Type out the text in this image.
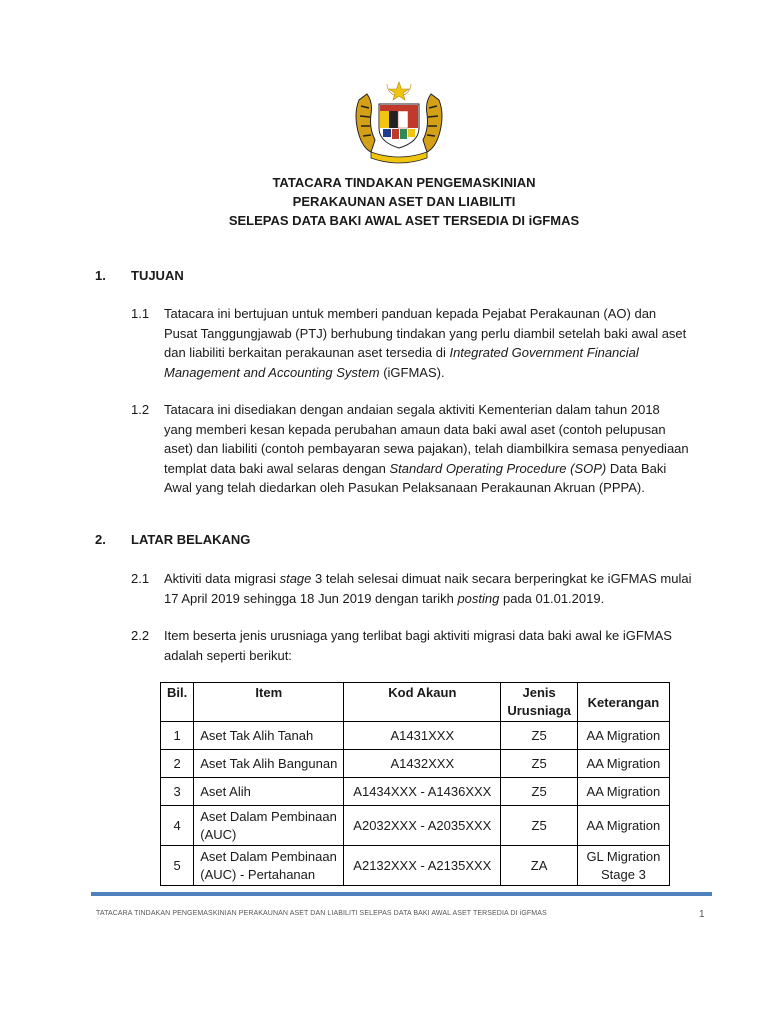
TATACARA TINDAKAN PENGEMASKINIAN
PERAKAUNAN ASET DAN LIABILITI
SELEPAS DATA BAKI AWAL ASET TERSEDIA DI iGFMAS
1. TUJUAN
1.1 Tatacara ini bertujuan untuk memberi panduan kepada Pejabat Perakaunan (AO) dan
Pusat Tanggungjawab (PTJ) berhubung tindakan yang perlu diambil setelah baki awal aset
dan liabiliti berkaitan perakaunan aset tersedia di Integrated Government Financial
Management and Accounting System (iGFMAS).
1.2 Tatacara ini disediakan dengan andaian segala aktiviti Kementerian dalam tahun 2018
yang memberi kesan kepada perubahan amaun data baki awal aset (contoh pelupusan
aset) dan liabiliti (contoh pembayaran sewa pajakan), telah diambilkira semasa penyediaan
templat data baki awal selaras dengan Standard Operating Procedure (SOP) Data Baki
Awal yang telah diedarkan oleh Pasukan Pelaksanaan Perakaunan Akruan (PPPA).
2. LATAR BELAKANG
2.1 Aktiviti data migrasi stage 3 telah selesai dimuat naik secara berperingkat ke iGFMAS mulai
17 April 2019 sehingga 18 Jun 2019 dengan tarikh posting pada 01.01.2019.
2.2 Item beserta jenis urusniaga yang terlibat bagi aktiviti migrasi data baki awal ke iGFMAS
adalah seperti berikut:
Bil.	Item	Kod Akaun	Jenis Urusniaga	Keterangan
1	Aset Tak Alih Tanah	A1431XXX	Z5	AA Migration
2	Aset Tak Alih Bangunan	A1432XXX	Z5	AA Migration
3	Aset Alih	A1434XXX - A1436XXX	Z5	AA Migration
4	Aset Dalam Pembinaan (AUC)	A2032XXX - A2035XXX	Z5	AA Migration
5	Aset Dalam Pembinaan (AUC) - Pertahanan	A2132XXX - A2135XXX	ZA	GL Migration Stage 3
TATACARA TINDAKAN PENGEMASKINIAN PERAKAUNAN ASET DAN LIABILITI SELEPAS DATA BAKI AWAL ASET TERSEDIA DI iGFMAS	1
